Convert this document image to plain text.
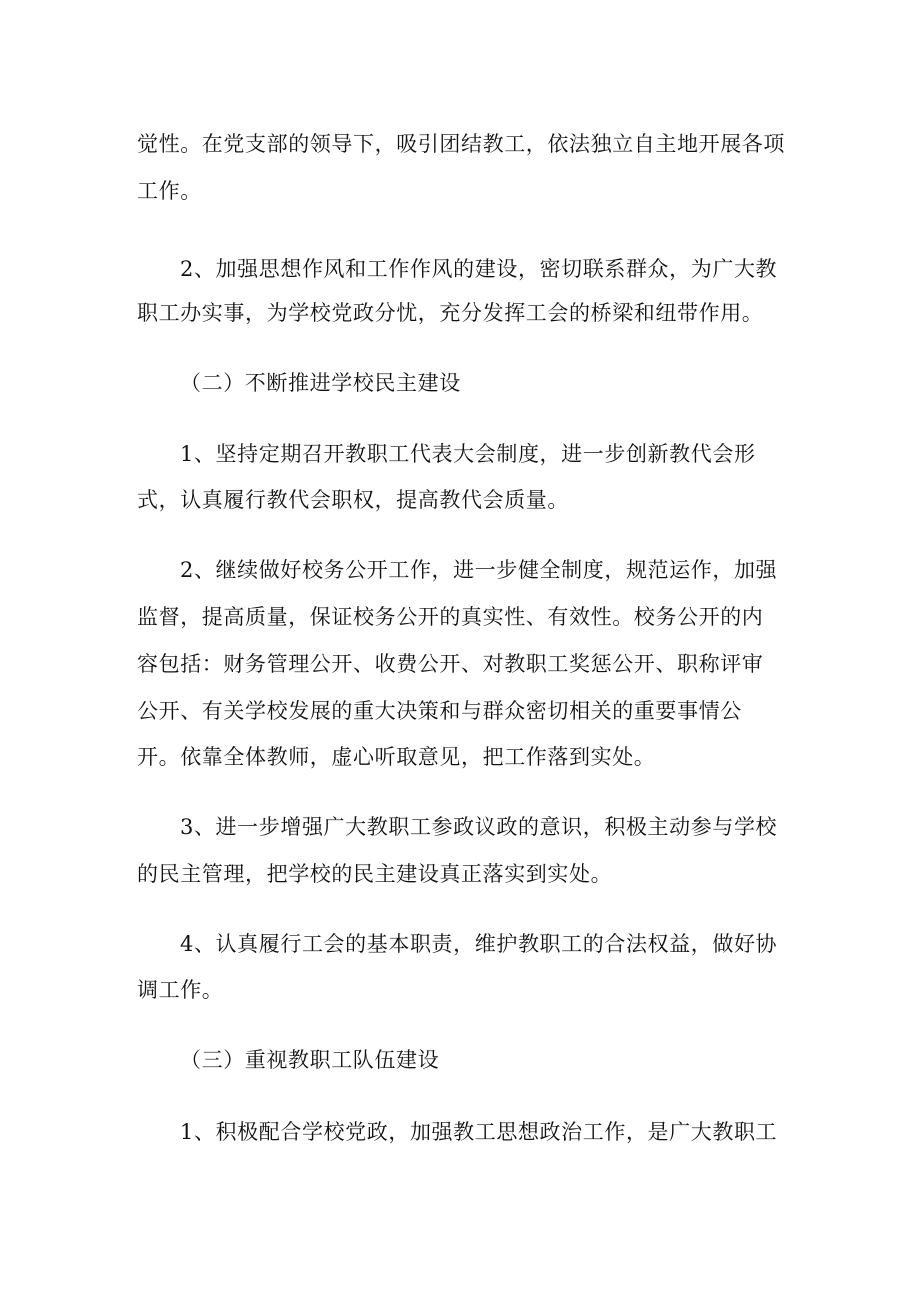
觉性。在党支部的领导下，吸引团结教工，依法独立自主地开展各项
工作。
2、加强思想作风和工作作风的建设，密切联系群众，为广大教
职工办实事，为学校党政分忧，充分发挥工会的桥梁和纽带作用。
（二）不断推进学校民主建设
1、坚持定期召开教职工代表大会制度，进一步创新教代会形
式，认真履行教代会职权，提高教代会质量。
2、继续做好校务公开工作，进一步健全制度，规范运作，加强
监督，提高质量，保证校务公开的真实性、有效性。校务公开的内
容包括：财务管理公开、收费公开、对教职工奖惩公开、职称评审
公开、有关学校发展的重大决策和与群众密切相关的重要事情公
开。依靠全体教师，虚心听取意见，把工作落到实处。
3、进一步增强广大教职工参政议政的意识，积极主动参与学校
的民主管理，把学校的民主建设真正落实到实处。
4、认真履行工会的基本职责，维护教职工的合法权益，做好协
调工作。
（三）重视教职工队伍建设
1、积极配合学校党政，加强教工思想政治工作，是广大教职工
